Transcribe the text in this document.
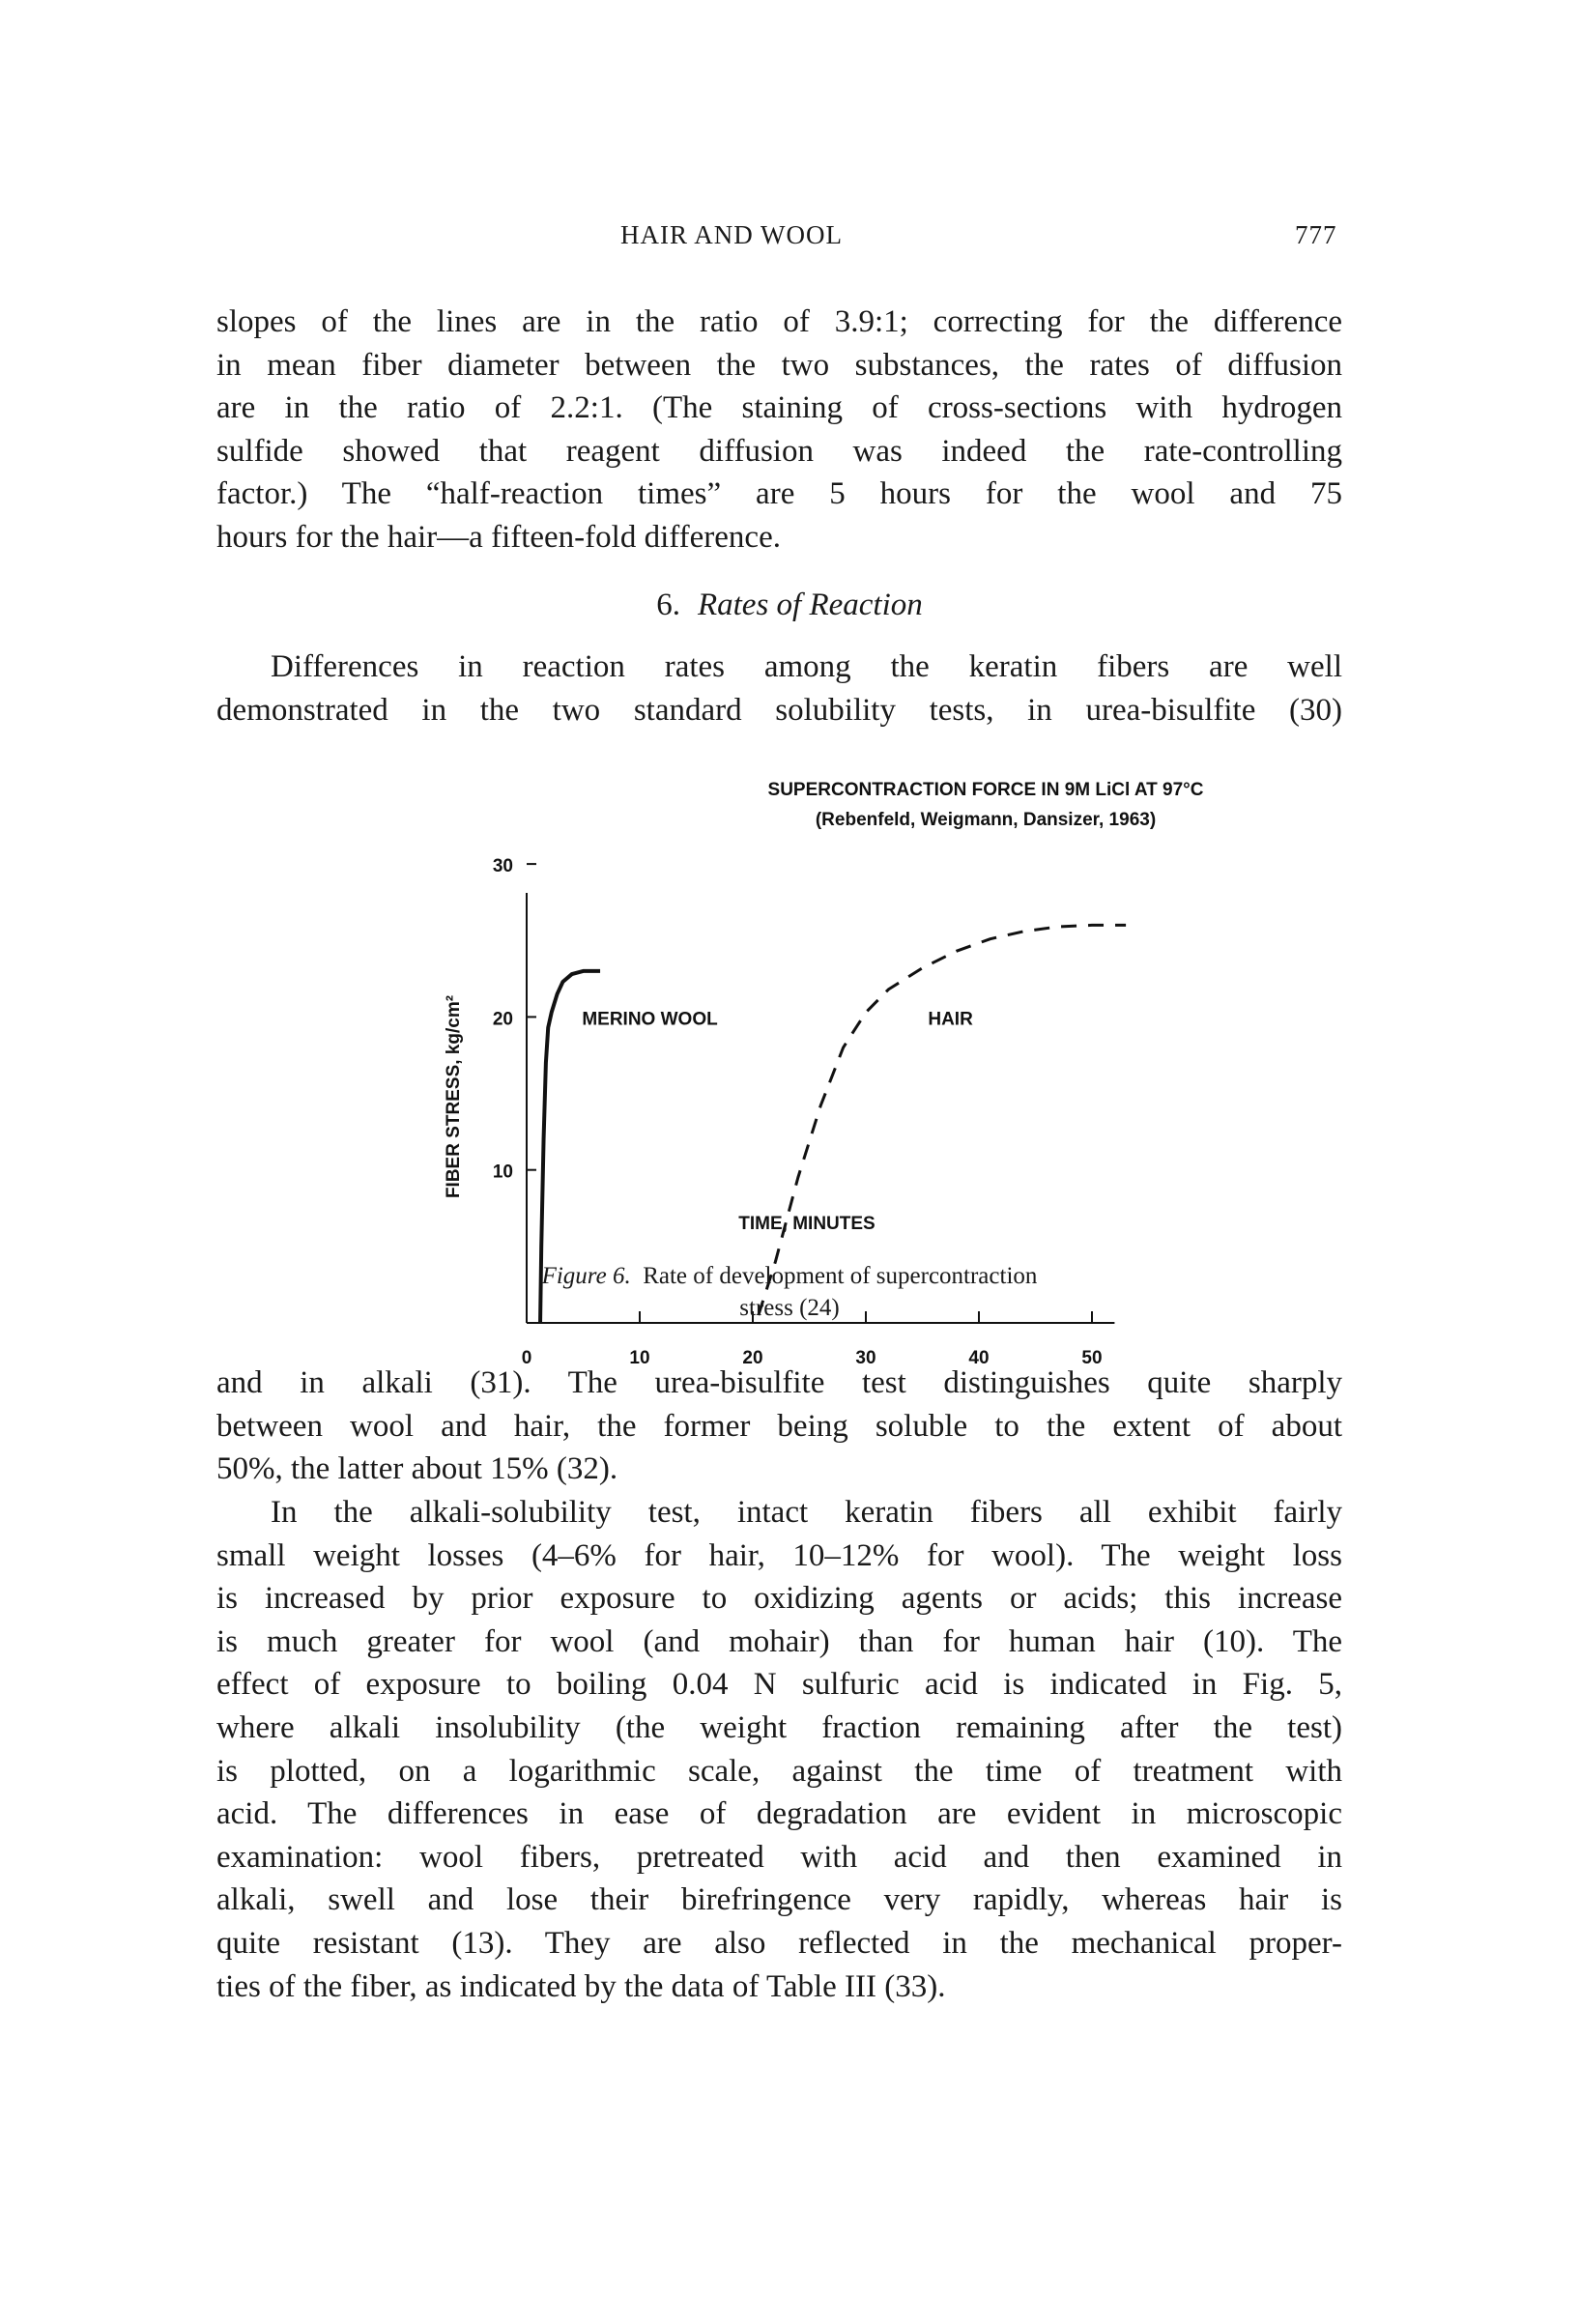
HAIR AND WOOL	777
slopes of the lines are in the ratio of 3.9:1; correcting for the difference
in mean fiber diameter between the two substances, the rates of diffusion
are in the ratio of 2.2:1. (The staining of cross-sections with hydrogen
sulfide showed that reagent diffusion was indeed the rate-controlling
factor.) The “half-reaction times” are 5 hours for the wool and 75
hours for the hair—a fifteen-fold difference.
6. Rates of Reaction
Differences in reaction rates among the keratin fibers are well
demonstrated in the two standard solubility tests, in urea-bisulfite (30)
SUPERCONTRACTION FORCE IN 9M LiCl AT 97°C
(Rebenfeld, Weigmann, Dansizer, 1963)
TIME, MINUTES
FIBER STRESS, kg/cm²
0	10	20	30	40	50
10
20
30
MERINO WOOL	HAIR
Figure 6. Rate of development of supercontraction
stress (24)
and in alkali (31). The urea-bisulfite test distinguishes quite sharply
between wool and hair, the former being soluble to the extent of about
50%, the latter about 15% (32).
In the alkali-solubility test, intact keratin fibers all exhibit fairly
small weight losses (4–6% for hair, 10–12% for wool). The weight loss
is increased by prior exposure to oxidizing agents or acids; this increase
is much greater for wool (and mohair) than for human hair (10). The
effect of exposure to boiling 0.04 N sulfuric acid is indicated in Fig. 5,
where alkali insolubility (the weight fraction remaining after the test)
is plotted, on a logarithmic scale, against the time of treatment with
acid. The differences in ease of degradation are evident in microscopic
examination: wool fibers, pretreated with acid and then examined in
alkali, swell and lose their birefringence very rapidly, whereas hair is
quite resistant (13). They are also reflected in the mechanical proper-
ties of the fiber, as indicated by the data of Table III (33).
